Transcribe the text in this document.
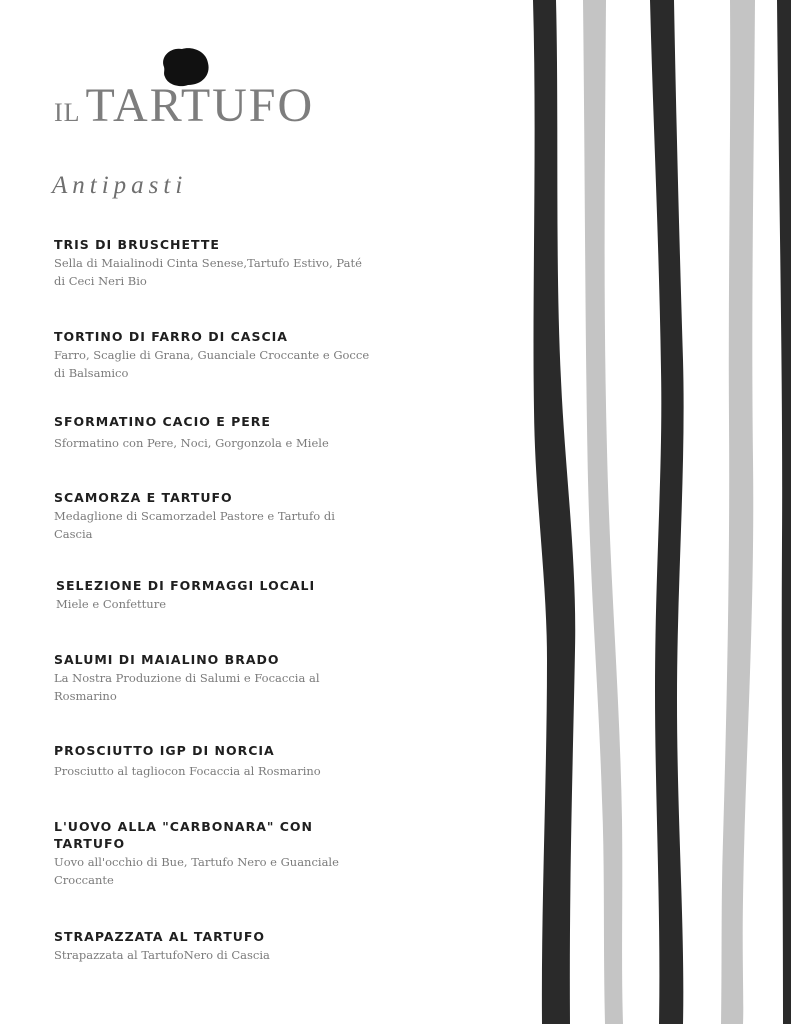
IL TARTUFO
Antipasti
TRIS DI BRUSCHETTE

Sella di Maialinodi Cinta Senese,Tartufo Estivo, Paté di Ceci Neri Bio

TORTINO DI FARRO DI CASCIA

Farro, Scaglie di Grana, Guanciale Croccante e Gocce di Balsamico

SFORMATINO CACIO E PERE

Sformatino con Pere, Noci, Gorgonzola e Miele

SCAMORZA E TARTUFO

Medaglione di Scamorzadel Pastore e Tartufo di Cascia

SELEZIONE DI FORMAGGI LOCALI

Miele e Confetture

SALUMI DI MAIALINO BRADO

La Nostra Produzione di Salumi e Focaccia al Rosmarino

PROSCIUTTO IGP DI NORCIA

Prosciutto al tagliocon Focaccia al Rosmarino

L'UOVO ALLA "CARBONARA" CON TARTUFO

Uovo all'occhio di Bue, Tartufo Nero e Guanciale Croccante

STRAPAZZATA AL TARTUFO

Strapazzata al TartufoNero di Cascia
